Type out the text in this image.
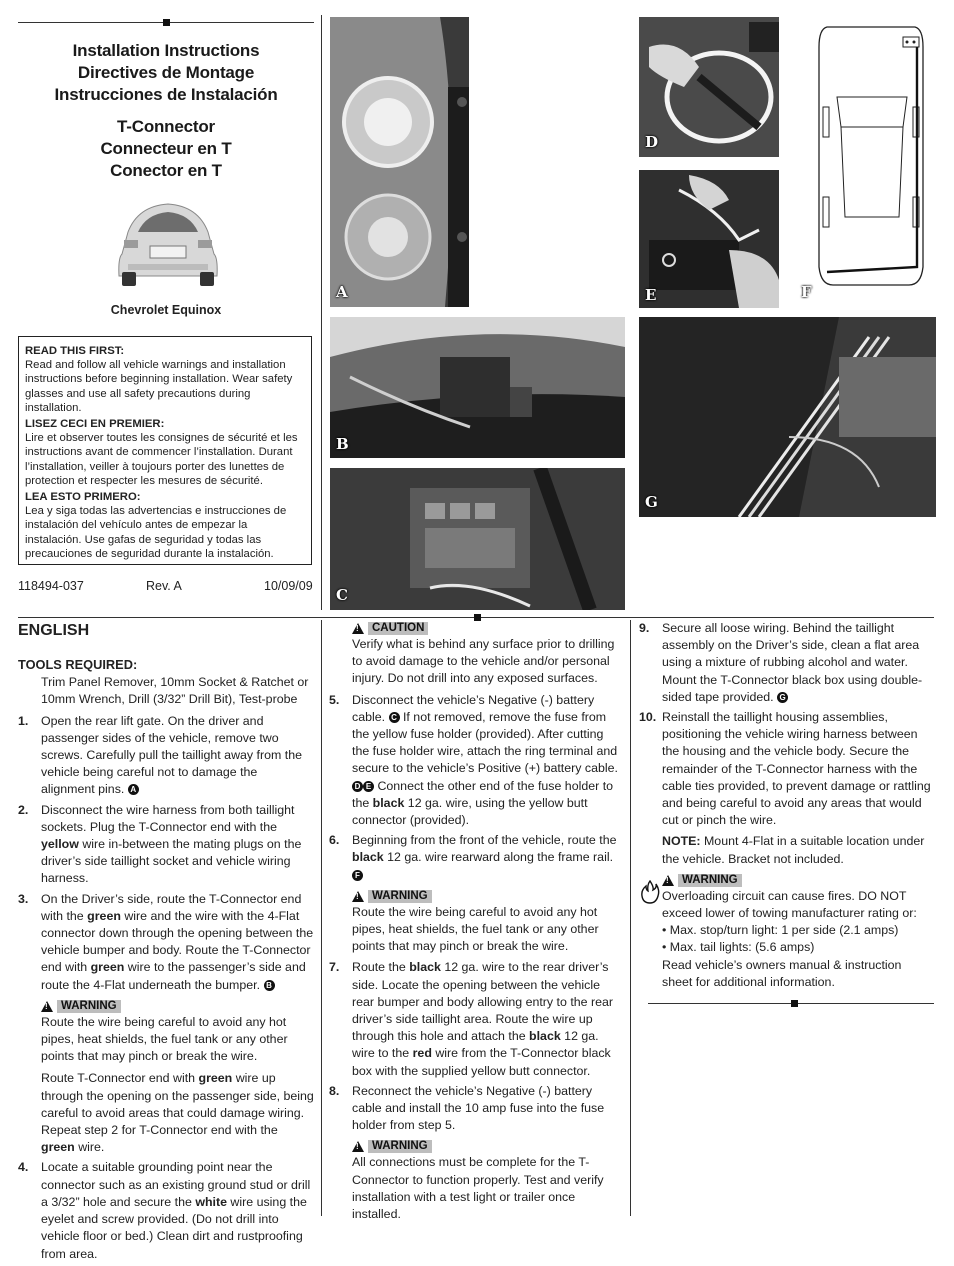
Installation Instructions
Directives de Montage
Instrucciones de Instalación
T-Connector
Connecteur en T
Conector en T
Chevrolet Equinox
READ THIS FIRST:
Read and follow all vehicle warnings and installation instructions before beginning installation. Wear safety glasses and use all safety precautions during installation.
LISEZ CECI EN PREMIER:
Lire et observer toutes les consignes de sécurité et les instructions avant de commencer l’installation. Durant l’installation, veiller à toujours porter des lunettes de protection et respecter les mesures de sécurité.
LEA ESTO PRIMERO:
Lea y siga todas las advertencias e instrucciones de instalación del vehículo antes de empezar la instalación. Use gafas de seguridad y todas las precauciones de seguridad durante la instalación.
118494-037	Rev. A	10/09/09
A
B
C
D
E	F
G
ENGLISH
TOOLS REQUIRED:

Trim Panel Remover, 10mm Socket & Ratchet or 10mm Wrench, Drill (3/32” Drill Bit), Test-probe

1.	Open the rear lift gate. On the driver and passenger sides of the vehicle, remove two screws. Carefully pull the taillight away from the vehicle being careful not to damage the alignment pins. A
2.	Disconnect the wire harness from both taillight sockets. Plug the T-Connector end with the yellow wire in-between the mating plugs on the driver’s side taillight socket and vehicle wiring harness.
3.	On the Driver’s side, route the T-Connector end with the green wire and the wire with the 4-Flat connector down through the opening between the vehicle bumper and body. Route the T-Connector end with green wire to the passenger’s side and route the 4-Flat underneath the bumper. B
!
WARNING

Route the wire being careful to avoid any hot pipes, heat shields, the fuel tank or any other points that may pinch or break the wire.

Route T-Connector end with green wire up through the opening on the passenger side, being careful to avoid areas that could damage wiring. Repeat step 2 for T-Connector end with the green wire.

4.	Locate a suitable grounding point near the connector such as an existing ground stud or drill a 3/32” hole and secure the white wire using the eyelet and screw provided. (Do not drill into vehicle floor or bed.) Clean dirt and rustproofing from area.
!
CAUTION

Verify what is behind any surface prior to drilling to avoid damage to the vehicle and/or personal injury. Do not drill into any exposed surfaces.

5.	Disconnect the vehicle’s Negative (-) battery cable. C If not removed, remove the fuse from the yellow fuse holder (provided). After cutting the fuse holder wire, attach the ring terminal and secure to the vehicle’s Positive (+) battery cable. D E Connect the other end of the fuse holder to the black 12 ga. wire, using the yellow butt connector (provided).
6.	Beginning from the front of the vehicle, route the black 12 ga. wire rearward along the frame rail. F
!
WARNING

Route the wire being careful to avoid any hot pipes, heat shields, the fuel tank or any other points that may pinch or break the wire.

7.	Route the black 12 ga. wire to the rear driver’s side. Locate the opening between the vehicle rear bumper and body allowing entry to the rear driver’s side taillight area. Route the wire up through this hole and attach the black 12 ga. wire to the red wire from the T-Connector black box with the supplied yellow butt connector.
8.	Reconnect the vehicle’s Negative (-) battery cable and install the 10 amp fuse into the fuse holder from step 5.
!
WARNING

All connections must be complete for the T-Connector to function properly. Test and verify installation with a test light or trailer once installed.

9.	Secure all loose wiring. Behind the taillight assembly on the Driver’s side, clean a flat area using a mixture of rubbing alcohol and water. Mount the T-Connector black box using double-sided tape provided. G
10. Reinstall the taillight housing assemblies, positioning the vehicle wiring harness between the housing and the vehicle body. Secure the remainder of the T-Connector harness with the cable ties provided, to prevent damage or rattling and being careful to avoid any areas that would cut or pinch the wire.

NOTE: Mount 4-Flat in a suitable location under the vehicle. Bracket not included.

!
WARNING

Overloading circuit can cause fires. DO NOT exceed lower of towing manufacturer rating or:

• Max. stop/turn light: 1 per side (2.1 amps)

• Max. tail lights: (5.6 amps)

Read vehicle’s owners manual & instruction sheet for additional information.
